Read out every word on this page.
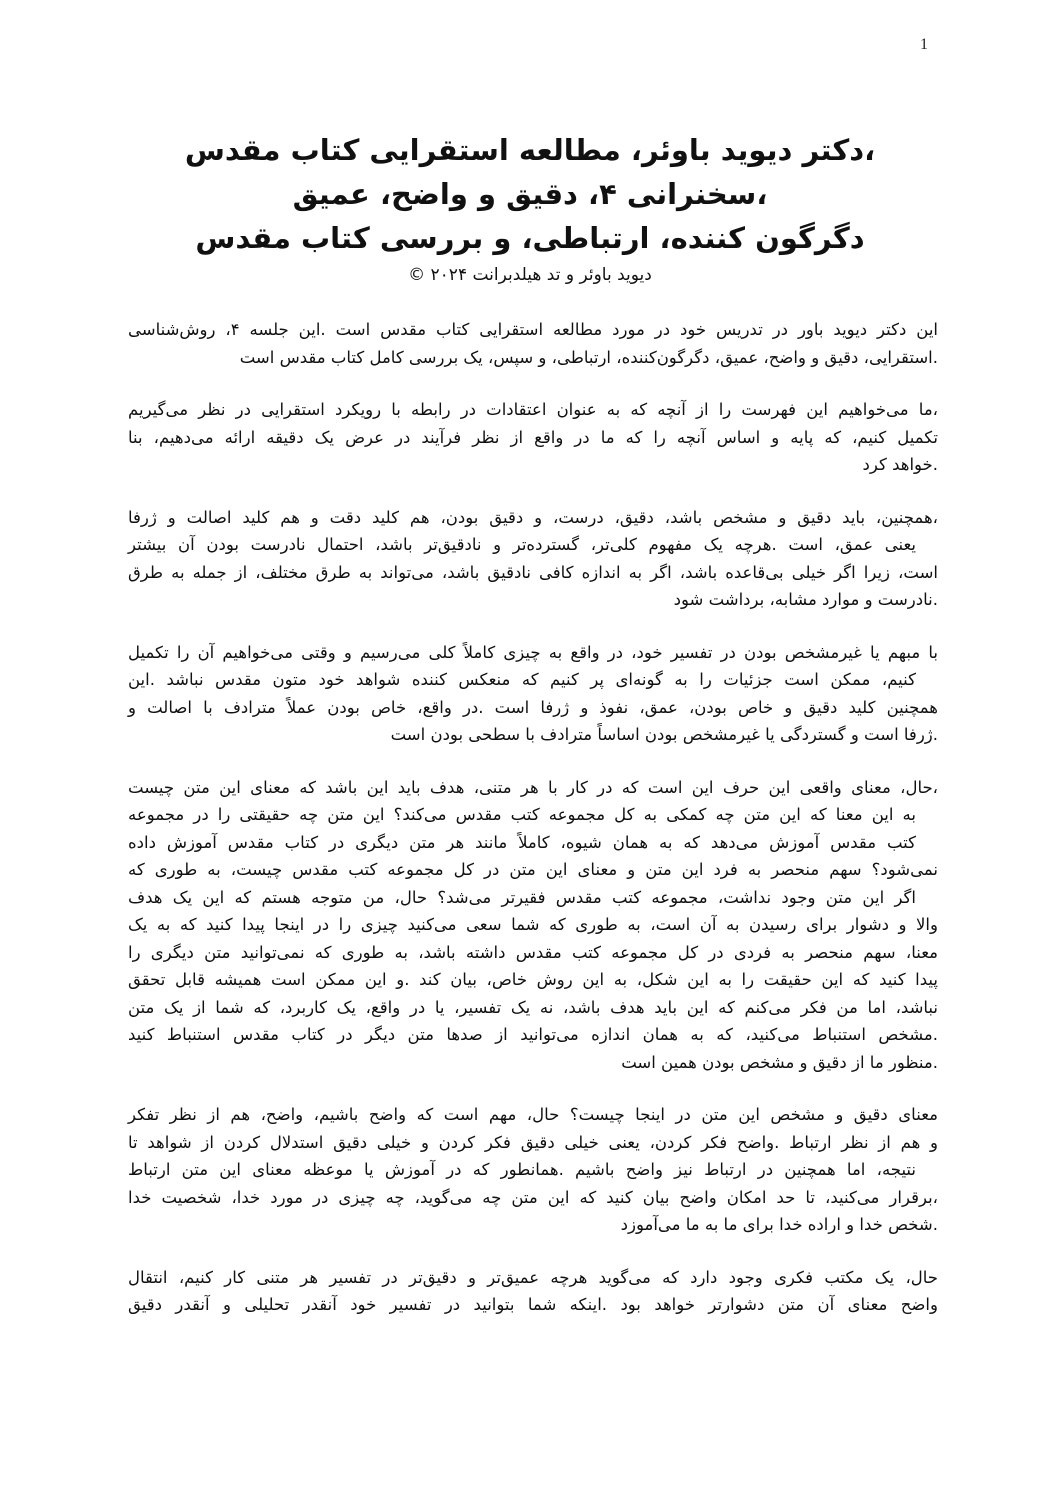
1
،دکتر دیوید باوئر، مطالعه استقرایی کتاب مقدس
،سخنرانی ۴، دقیق و واضح، عمیق
دگرگون کننده، ارتباطی، و بررسی کتاب مقدس
دیوید باوئر و تد هیلدبرانت ۲۰۲۴ ©
این دکتر دیوید باور در تدریس خود در مورد مطالعه استقرایی کتاب مقدس است .این جلسه ۴، روش‌شناسی
.استقرایی، دقیق و واضح، عمیق، دگرگون‌کننده، ارتباطی، و سپس، یک بررسی کامل کتاب مقدس است
،ما می‌خواهیم این فهرست را از آنچه که به عنوان اعتقادات در رابطه با رویکرد استقرایی در نظر می‌گیریم
تکمیل کنیم، که پایه و اساس آنچه را که ما در واقع از نظر فرآیند در عرض یک دقیقه ارائه می‌دهیم، بنا
.خواهد کرد
،همچنین، باید دقیق و مشخص باشد، دقیق، درست، و دقیق بودن، هم کلید دقت و هم کلید اصالت و ژرفا
یعنی عمق، است .هرچه یک مفهوم کلی‌تر، گسترده‌تر و نادقیق‌تر باشد، احتمال نادرست بودن آن بیشتر
است، زیرا اگر خیلی بی‌قاعده باشد، اگر به اندازه کافی نادقیق باشد، می‌تواند به طرق مختلف، از جمله به طرق
.نادرست و موارد مشابه، برداشت شود
با مبهم یا غیرمشخص بودن در تفسیر خود، در واقع به چیزی کاملاً کلی می‌رسیم و وقتی می‌خواهیم آن را تکمیل
کنیم، ممکن است جزئیات را به گونه‌ای پر کنیم که منعکس کننده شواهد خود متون مقدس نباشد .این
همچنین کلید دقیق و خاص بودن، عمق، نفوذ و ژرفا است .در واقع، خاص بودن عملاً مترادف با اصالت و
.ژرفا است و گستردگی یا غیرمشخص بودن اساساً مترادف با سطحی بودن است
،حال، معنای واقعی این حرف این است که در کار با هر متنی، هدف باید این باشد که معنای این متن چیست
به این معنا که این متن چه کمکی به کل مجموعه کتب مقدس می‌کند؟ این متن چه حقیقتی را در مجموعه
کتب مقدس آموزش می‌دهد که به همان شیوه، کاملاً مانند هر متن دیگری در کتاب مقدس آموزش داده
نمی‌شود؟ سهم منحصر به فرد این متن و معنای این متن در کل مجموعه کتب مقدس چیست، به طوری که
اگر این متن وجود نداشت، مجموعه کتب مقدس فقیرتر می‌شد؟ حال، من متوجه هستم که این یک هدف
والا و دشوار برای رسیدن به آن است، به طوری که شما سعی می‌کنید چیزی را در اینجا پیدا کنید که به یک
معنا، سهم منحصر به فردی در کل مجموعه کتب مقدس داشته باشد، به طوری که نمی‌توانید متن دیگری را
پیدا کنید که این حقیقت را به این شکل، به این روش خاص، بیان کند .و این ممکن است همیشه قابل تحقق
نباشد، اما من فکر می‌کنم که این باید هدف باشد، نه یک تفسیر، یا در واقع، یک کاربرد، که شما از یک متن
.مشخص استنباط می‌کنید، که به همان اندازه می‌توانید از صدها متن دیگر در کتاب مقدس استنباط کنید
.منظور ما از دقیق و مشخص بودن همین است
معنای دقیق و مشخص این متن در اینجا چیست؟ حال، مهم است که واضح باشیم، واضح، هم از نظر تفکر
و هم از نظر ارتباط .واضح فکر کردن، یعنی خیلی دقیق فکر کردن و خیلی دقیق استدلال کردن از شواهد تا
نتیجه، اما همچنین در ارتباط نیز واضح باشیم .همانطور که در آموزش یا موعظه معنای این متن ارتباط
،برقرار می‌کنید، تا حد امکان واضح بیان کنید که این متن چه می‌گوید، چه چیزی در مورد خدا، شخصیت خدا
.شخص خدا و اراده خدا برای ما به ما می‌آموزد
حال، یک مکتب فکری وجود دارد که می‌گوید هرچه عمیق‌تر و دقیق‌تر در تفسیر هر متنی کار کنیم، انتقال
واضح معنای آن متن دشوارتر خواهد بود .اینکه شما بتوانید در تفسیر خود آنقدر تحلیلی و آنقدر دقیق
